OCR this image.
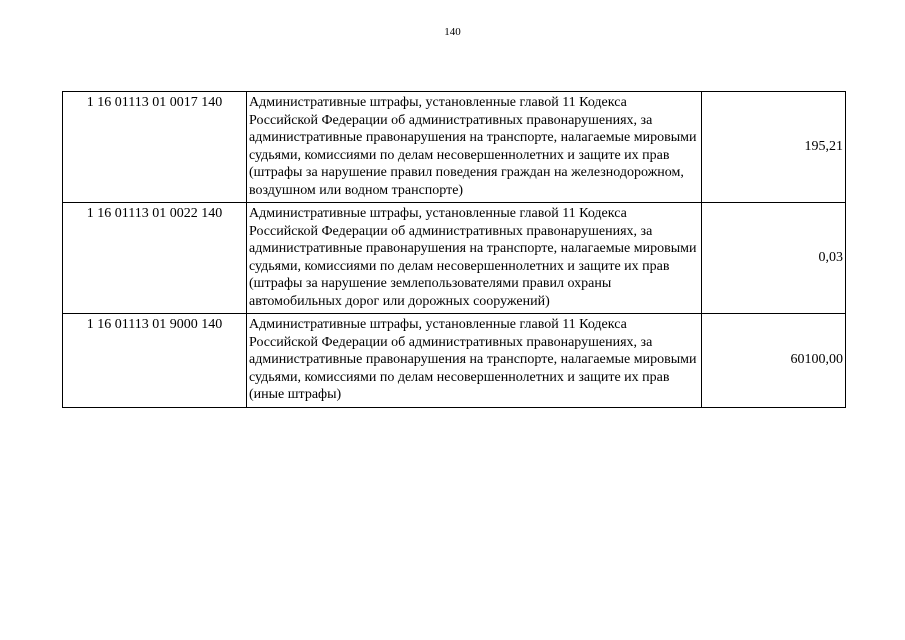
140
1 16 01113 01 0017 140	Административные штрафы, установленные главой 11 Кодекса Российской Федерации об административных правонарушениях, за административные правонарушения на транспорте, налагаемые мировыми судьями, комиссиями по делам несовершеннолетних и защите их прав (штрафы за нарушение правил поведения граждан на железнодорожном, воздушном или водном транспорте)	195,21
1 16 01113 01 0022 140	Административные штрафы, установленные главой 11 Кодекса Российской Федерации об административных правонарушениях, за административные правонарушения на транспорте, налагаемые мировыми судьями, комиссиями по делам несовершеннолетних и защите их прав (штрафы за нарушение землепользователями правил охраны автомобильных дорог или дорожных сооружений)	0,03
1 16 01113 01 9000 140	Административные штрафы, установленные главой 11 Кодекса Российской Федерации об административных правонарушениях, за административные правонарушения на транспорте, налагаемые мировыми судьями, комиссиями по делам несовершеннолетних и защите их прав (иные штрафы)	60100,00
